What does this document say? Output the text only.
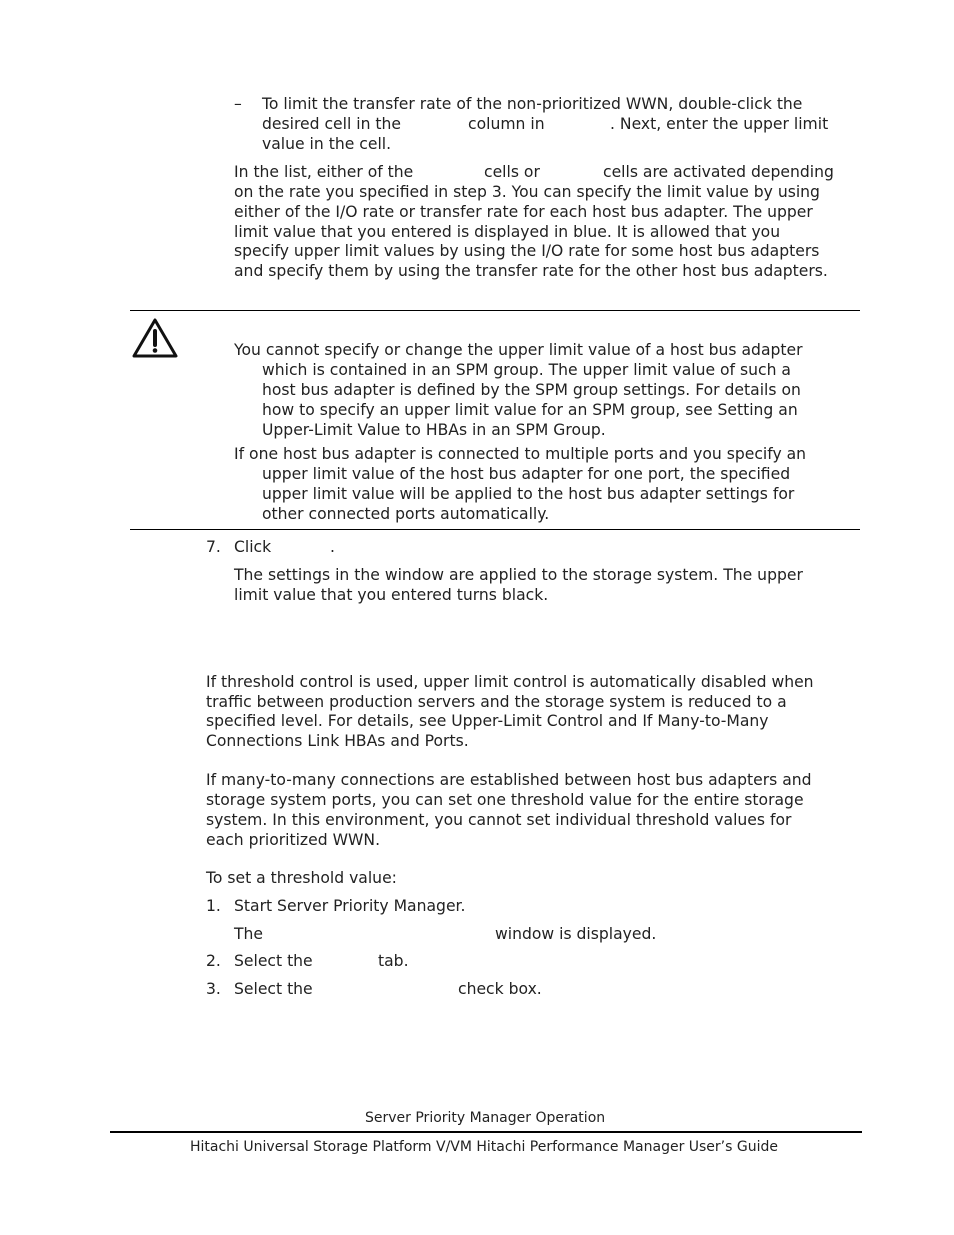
– To limit the transfer rate of the non-prioritized WWN, double-click the
desired cell in the	column in	. Next, enter the upper limit
value in the cell.
In the list, either of the	cells or	cells are activated depending
on the rate you specified in step 3. You can specify the limit value by using
either of the I/O rate or transfer rate for each host bus adapter. The upper
limit value that you entered is displayed in blue. It is allowed that you
specify upper limit values by using the I/O rate for some host bus adapters
and specify them by using the transfer rate for the other host bus adapters.
You cannot specify or change the upper limit value of a host bus adapter
which is contained in an SPM group. The upper limit value of such a
host bus adapter is defined by the SPM group settings. For details on
how to specify an upper limit value for an SPM group, see Setting an
Upper-Limit Value to HBAs in an SPM Group.
If one host bus adapter is connected to multiple ports and you specify an
upper limit value of the host bus adapter for one port, the specified
upper limit value will be applied to the host bus adapter settings for
other connected ports automatically.
7. Click	.
The settings in the window are applied to the storage system. The upper
limit value that you entered turns black.
If threshold control is used, upper limit control is automatically disabled when
traffic between production servers and the storage system is reduced to a
specified level. For details, see Upper-Limit Control and If Many-to-Many
Connections Link HBAs and Ports.
If many-to-many connections are established between host bus adapters and
storage system ports, you can set one threshold value for the entire storage
system. In this environment, you cannot set individual threshold values for
each prioritized WWN.
To set a threshold value:
1. Start Server Priority Manager.
The	window is displayed.
2. Select the	tab.
3. Select the	check box.
Server Priority Manager Operation
Hitachi Universal Storage Platform V/VM Hitachi Performance Manager User’s Guide
